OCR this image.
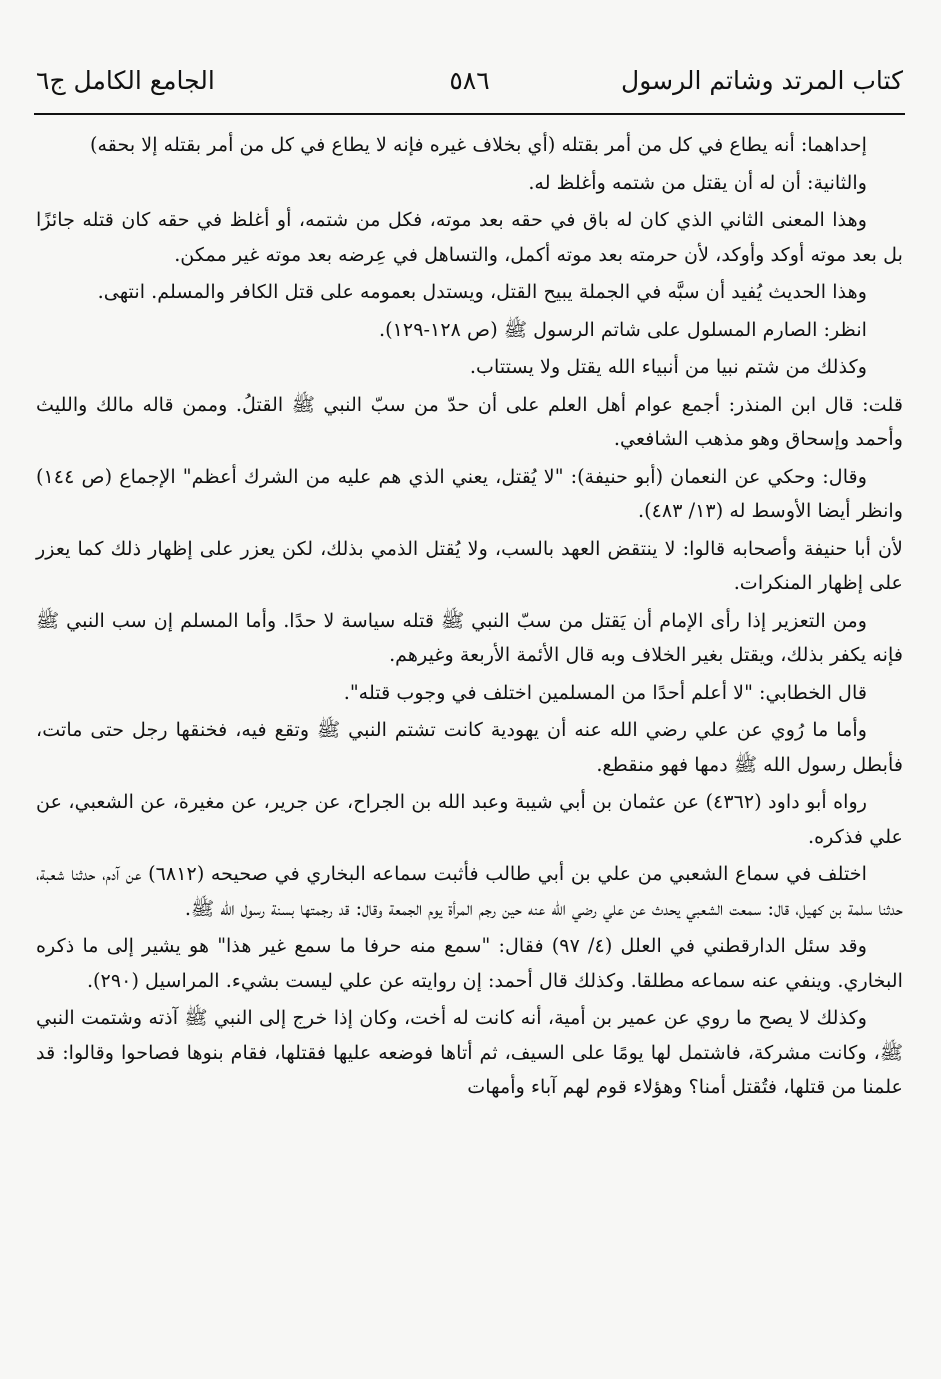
كتاب المرتد وشاتم الرسول
٥٨٦
الجامع الكامل ج٦

إحداهما: أنه يطاع في كل من أمر بقتله (أي بخلاف غيره فإنه لا يطاع في كل من أمر بقتله إلا بحقه)

والثانية: أن له أن يقتل من شتمه وأغلظ له.

وهذا المعنى الثاني الذي كان له باق في حقه بعد موته، فكل من شتمه، أو أغلظ في حقه كان قتله جائزًا بل بعد موته أوكد وأوكد، لأن حرمته بعد موته أكمل، والتساهل في عِرضه بعد موته غير ممكن.

وهذا الحديث يُفيد أن سبَّه في الجملة يبيح القتل، ويستدل بعمومه على قتل الكافر والمسلم. انتهى.

انظر: الصارم المسلول على شاتم الرسول ﷺ (ص ١٢٨-١٢٩).

وكذلك من شتم نبيا من أنبياء الله يقتل ولا يستتاب.

قلت: قال ابن المنذر: أجمع عوام أهل العلم على أن حدّ من سبّ النبي ﷺ القتلُ. وممن قاله مالك والليث وأحمد وإسحاق وهو مذهب الشافعي.

وقال: وحكي عن النعمان (أبو حنيفة): "لا يُقتل، يعني الذي هم عليه من الشرك أعظم" الإجماع (ص ١٤٤) وانظر أيضا الأوسط له (١٣/ ٤٨٣).

لأن أبا حنيفة وأصحابه قالوا: لا ينتقض العهد بالسب، ولا يُقتل الذمي بذلك، لكن يعزر على إظهار ذلك كما يعزر على إظهار المنكرات.

ومن التعزير إذا رأى الإمام أن يَقتل من سبّ النبي ﷺ قتله سياسة لا حدًا. وأما المسلم إن سب النبي ﷺ فإنه يكفر بذلك، ويقتل بغير الخلاف وبه قال الأئمة الأربعة وغيرهم.

قال الخطابي: "لا أعلم أحدًا من المسلمين اختلف في وجوب قتله".

وأما ما رُوي عن علي رضي الله عنه أن يهودية كانت تشتم النبي ﷺ وتقع فيه، فخنقها رجل حتى ماتت، فأبطل رسول الله ﷺ دمها فهو منقطع.

رواه أبو داود (٤٣٦٢) عن عثمان بن أبي شيبة وعبد الله بن الجراح، عن جرير، عن مغيرة، عن الشعبي، عن علي فذكره.

اختلف في سماع الشعبي من علي بن أبي طالب فأثبت سماعه البخاري في صحيحه (٦٨١٢) عن آدم، حدثنا شعبة، حدثنا سلمة بن كهيل، قال: سمعت الشعبي يحدث عن علي رضي الله عنه حين رجم المرأة يوم الجمعة وقال: قد رجمتها بسنة رسول الله ﷺ.

وقد سئل الدارقطني في العلل (٤/ ٩٧) فقال: "سمع منه حرفا ما سمع غير هذا" هو يشير إلى ما ذكره البخاري. وينفي عنه سماعه مطلقا. وكذلك قال أحمد: إن روايته عن علي ليست بشيء. المراسيل (٢٩٠).

وكذلك لا يصح ما روي عن عمير بن أمية، أنه كانت له أخت، وكان إذا خرج إلى النبي ﷺ آذته وشتمت النبي ﷺ، وكانت مشركة، فاشتمل لها يومًا على السيف، ثم أتاها فوضعه عليها فقتلها، فقام بنوها فصاحوا وقالوا: قد علمنا من قتلها، فتُقتل أمنا؟ وهؤلاء قوم لهم آباء وأمهات
